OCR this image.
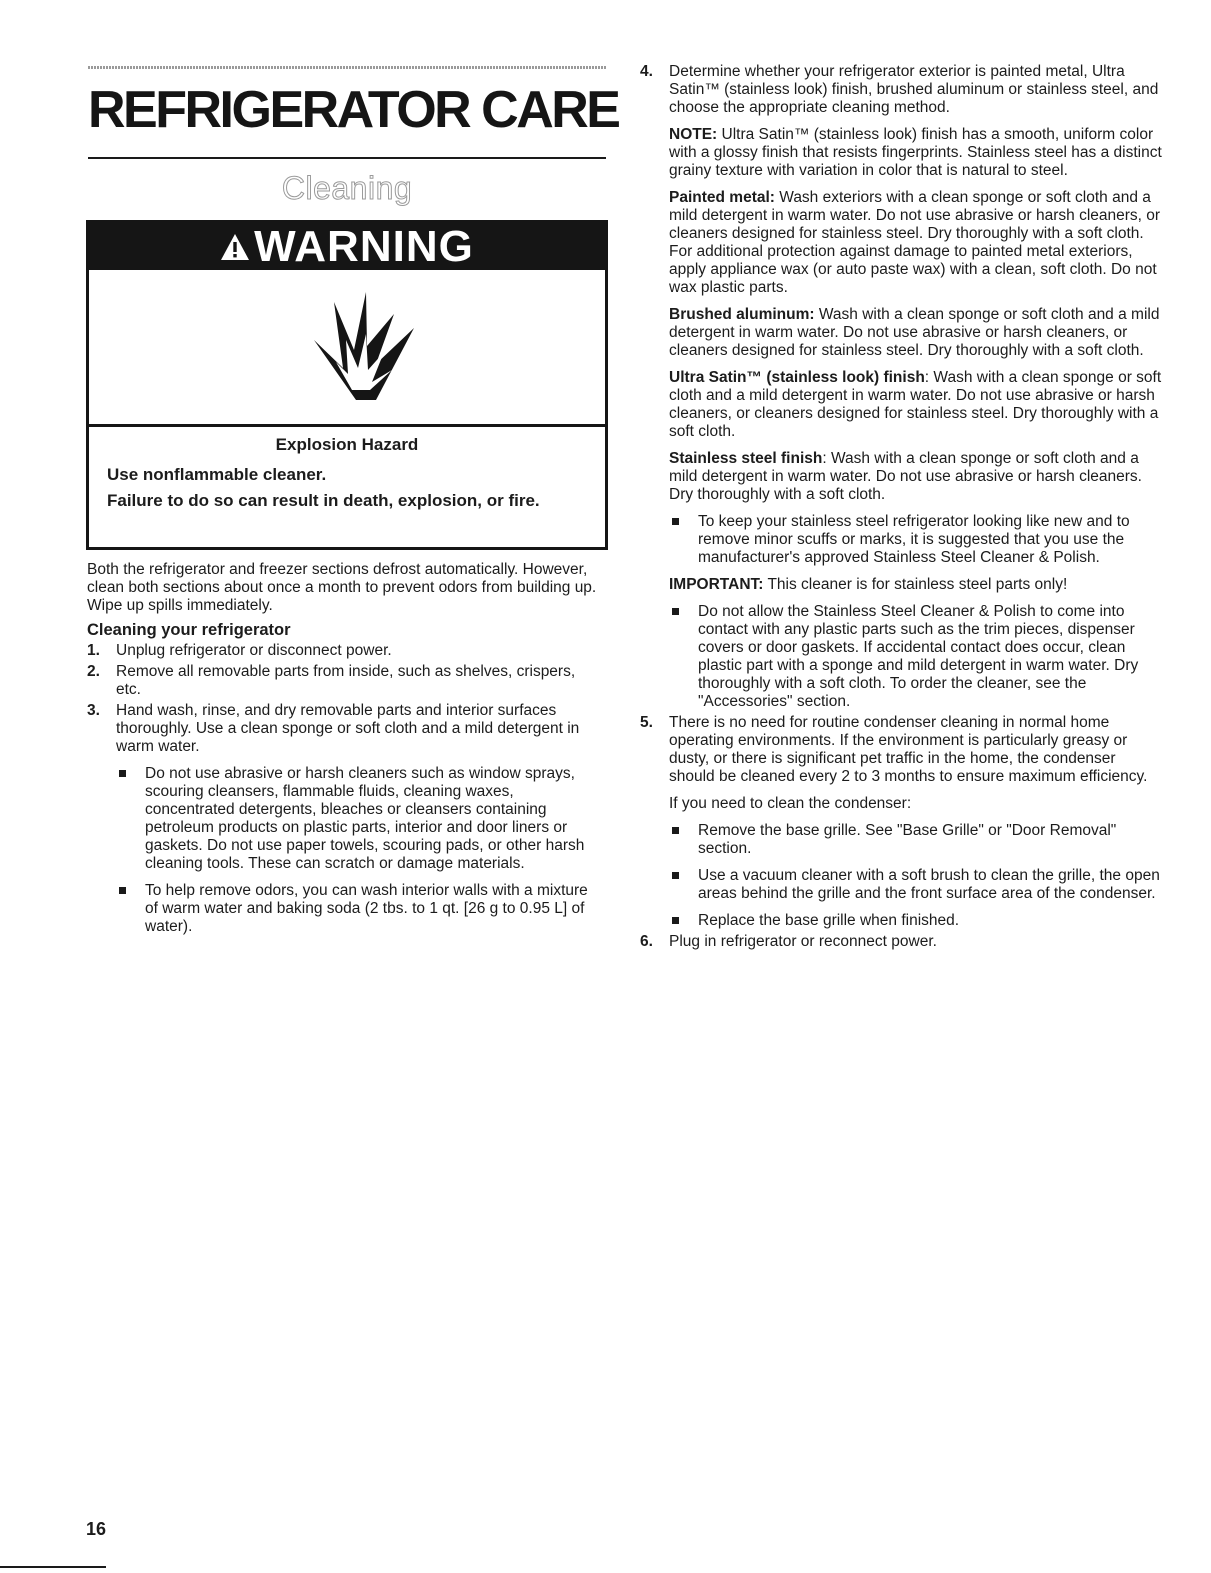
REFRIGERATOR CARE
Cleaning
WARNING

Explosion Hazard

Use nonflammable cleaner.

Failure to do so can result in death, explosion, or fire.

Both the refrigerator and freezer sections defrost automatically. However, clean both sections about once a month to prevent odors from building up. Wipe up spills immediately.

Cleaning your refrigerator

1. Unplug refrigerator or disconnect power.

2. Remove all removable parts from inside, such as shelves, crispers, etc.

3. Hand wash, rinse, and dry removable parts and interior surfaces thoroughly. Use a clean sponge or soft cloth and a mild detergent in warm water.

Do not use abrasive or harsh cleaners such as window sprays, scouring cleansers, flammable fluids, cleaning waxes, concentrated detergents, bleaches or cleansers containing petroleum products on plastic parts, interior and door liners or gaskets. Do not use paper towels, scouring pads, or other harsh cleaning tools. These can scratch or damage materials.

To help remove odors, you can wash interior walls with a mixture of warm water and baking soda (2 tbs. to 1 qt. [26 g to 0.95 L] of water).

4. Determine whether your refrigerator exterior is painted metal, Ultra Satin™ (stainless look) finish, brushed aluminum or stainless steel, and choose the appropriate cleaning method.

NOTE: Ultra Satin™ (stainless look) finish has a smooth, uniform color with a glossy finish that resists fingerprints. Stainless steel has a distinct grainy texture with variation in color that is natural to steel.

Painted metal: Wash exteriors with a clean sponge or soft cloth and a mild detergent in warm water. Do not use abrasive or harsh cleaners, or cleaners designed for stainless steel. Dry thoroughly with a soft cloth. For additional protection against damage to painted metal exteriors, apply appliance wax (or auto paste wax) with a clean, soft cloth. Do not wax plastic parts.

Brushed aluminum: Wash with a clean sponge or soft cloth and a mild detergent in warm water. Do not use abrasive or harsh cleaners, or cleaners designed for stainless steel. Dry thoroughly with a soft cloth.

Ultra Satin™ (stainless look) finish: Wash with a clean sponge or soft cloth and a mild detergent in warm water. Do not use abrasive or harsh cleaners, or cleaners designed for stainless steel. Dry thoroughly with a soft cloth.

Stainless steel finish: Wash with a clean sponge or soft cloth and a mild detergent in warm water. Do not use abrasive or harsh cleaners. Dry thoroughly with a soft cloth.

To keep your stainless steel refrigerator looking like new and to remove minor scuffs or marks, it is suggested that you use the manufacturer's approved Stainless Steel Cleaner & Polish.

IMPORTANT: This cleaner is for stainless steel parts only!

Do not allow the Stainless Steel Cleaner & Polish to come into contact with any plastic parts such as the trim pieces, dispenser covers or door gaskets. If accidental contact does occur, clean plastic part with a sponge and mild detergent in warm water. Dry thoroughly with a soft cloth. To order the cleaner, see the "Accessories" section.

5. There is no need for routine condenser cleaning in normal home operating environments. If the environment is particularly greasy or dusty, or there is significant pet traffic in the home, the condenser should be cleaned every 2 to 3 months to ensure maximum efficiency.

If you need to clean the condenser:

Remove the base grille. See "Base Grille" or "Door Removal" section.

Use a vacuum cleaner with a soft brush to clean the grille, the open areas behind the grille and the front surface area of the condenser.

Replace the base grille when finished.

6. Plug in refrigerator or reconnect power.

16
